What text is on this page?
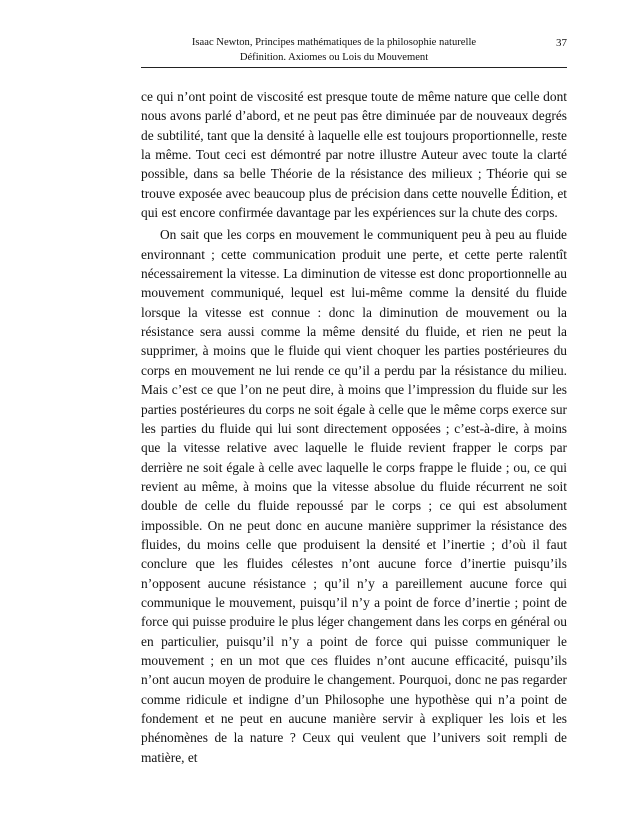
Isaac Newton, Principes mathématiques de la philosophie naturelle
Définition. Axiomes ou Lois du Mouvement
37

ce qui n’ont point de viscosité est presque toute de même nature que celle dont nous avons parlé d’abord, et ne peut pas être diminuée par de nouveaux degrés de subtilité, tant que la densité à laquelle elle est toujours proportionnelle, reste la même. Tout ceci est démontré par notre illustre Auteur avec toute la clarté possible, dans sa belle Théorie de la résistance des milieux ; Théorie qui se trouve exposée avec beaucoup plus de précision dans cette nouvelle Édition, et qui est encore confirmée davantage par les expériences sur la chute des corps.

On sait que les corps en mouvement le communiquent peu à peu au fluide environnant ; cette communication produit une perte, et cette perte ralentît nécessairement la vitesse. La diminution de vitesse est donc proportionnelle au mouvement communiqué, lequel est lui-même comme la densité du fluide lorsque la vitesse est connue : donc la diminution de mouvement ou la résistance sera aussi comme la même densité du fluide, et rien ne peut la supprimer, à moins que le fluide qui vient choquer les parties postérieures du corps en mouvement ne lui rende ce qu’il a perdu par la résistance du milieu. Mais c’est ce que l’on ne peut dire, à moins que l’impression du fluide sur les parties postérieures du corps ne soit égale à celle que le même corps exerce sur les parties du fluide qui lui sont directement opposées ; c’est-à-dire, à moins que la vitesse relative avec laquelle le fluide revient frapper le corps par derrière ne soit égale à celle avec laquelle le corps frappe le fluide ; ou, ce qui revient au même, à moins que la vitesse absolue du fluide récurrent ne soit double de celle du fluide repoussé par le corps ; ce qui est absolument impossible. On ne peut donc en aucune manière supprimer la résistance des fluides, du moins celle que produisent la densité et l’inertie ; d’où il faut conclure que les fluides célestes n’ont aucune force d’inertie puisqu’ils n’opposent aucune résistance ; qu’il n’y a pareillement aucune force qui communique le mouvement, puisqu’il n’y a point de force d’inertie ; point de force qui puisse produire le plus léger changement dans les corps en général ou en particulier, puisqu’il n’y a point de force qui puisse communiquer le mouvement ; en un mot que ces fluides n’ont aucune efficacité, puisqu’ils n’ont aucun moyen de produire le changement. Pourquoi, donc ne pas regarder comme ridicule et indigne d’un Philosophe une hypothèse qui n’a point de fondement et ne peut en aucune manière servir à expliquer les lois et les phénomènes de la nature ? Ceux qui veulent que l’univers soit rempli de matière, et
